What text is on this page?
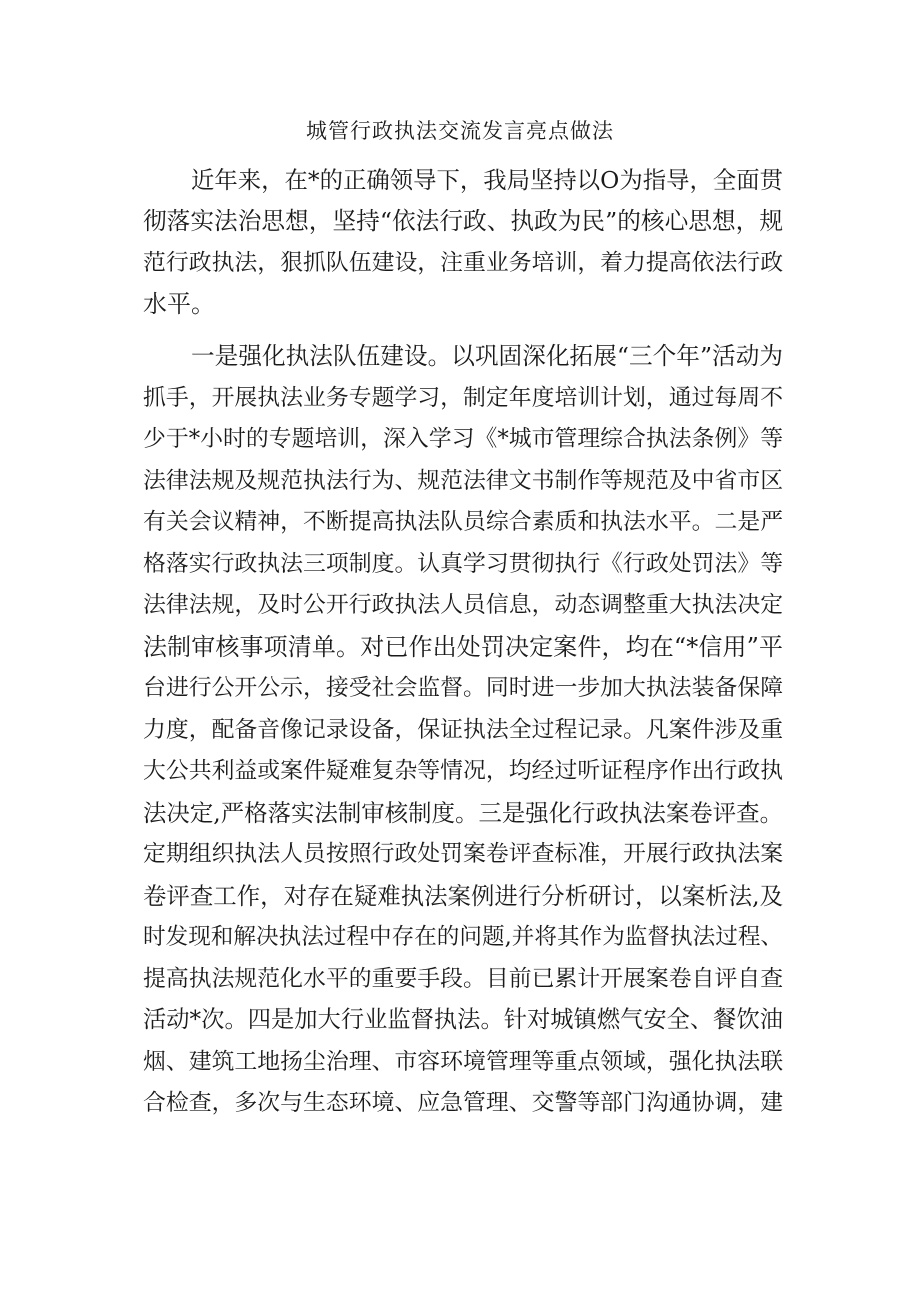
城管行政执法交流发言亮点做法
近年来，在*的正确领导下，我局坚持以O为指导，全面贯
彻落实法治思想，坚持“依法行政、执政为民”的核心思想，规
范行政执法，狠抓队伍建设，注重业务培训，着力提高依法行政
水平。
一是强化执法队伍建设。以巩固深化拓展“三个年”活动为
抓手，开展执法业务专题学习，制定年度培训计划，通过每周不
少于*小时的专题培训，深入学习《*城市管理综合执法条例》等
法律法规及规范执法行为、规范法律文书制作等规范及中省市区
有关会议精神，不断提高执法队员综合素质和执法水平。二是严
格落实行政执法三项制度。认真学习贯彻执行《行政处罚法》等
法律法规，及时公开行政执法人员信息，动态调整重大执法决定
法制审核事项清单。对已作出处罚决定案件，均在“*信用”平
台进行公开公示，接受社会监督。同时进一步加大执法装备保障
力度，配备音像记录设备，保证执法全过程记录。凡案件涉及重
大公共利益或案件疑难复杂等情况，均经过听证程序作出行政执
法决定,严格落实法制审核制度。三是强化行政执法案卷评查。
定期组织执法人员按照行政处罚案卷评查标准，开展行政执法案
卷评查工作，对存在疑难执法案例进行分析研讨，以案析法,及
时发现和解决执法过程中存在的问题,并将其作为监督执法过程、
提高执法规范化水平的重要手段。目前已累计开展案卷自评自查
活动*次。四是加大行业监督执法。针对城镇燃气安全、餐饮油
烟、建筑工地扬尘治理、市容环境管理等重点领域，强化执法联
合检查，多次与生态环境、应急管理、交警等部门沟通协调，建
